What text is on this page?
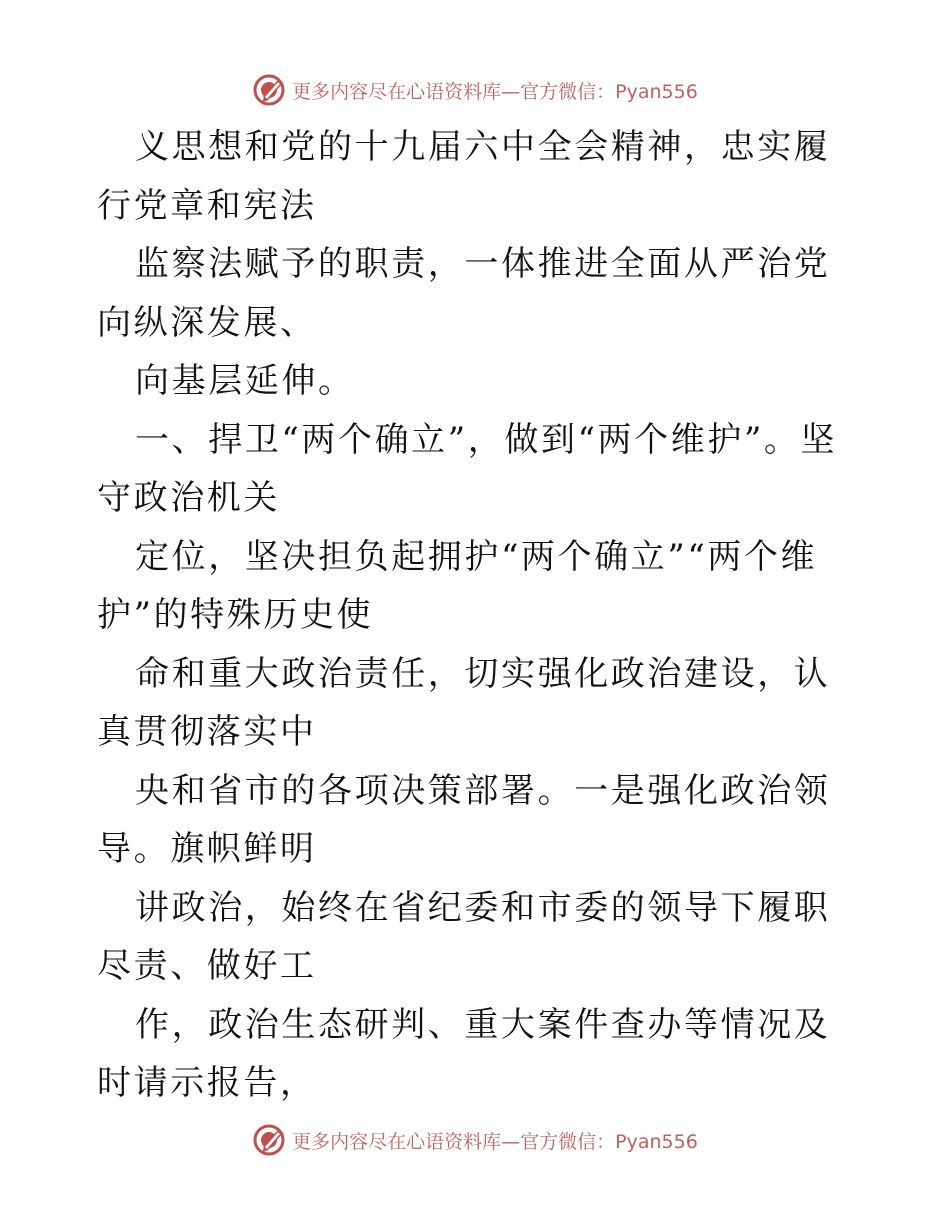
更多内容尽在心语资料库—官方微信：Pyan556

义思想和党的十九届六中全会精神，忠实履行党章和宪法

监察法赋予的职责，一体推进全面从严治党向纵深发展、

向基层延伸。

一、捍卫“两个确立”，做到“两个维护”。坚守政治机关

定位，坚决担负起拥护“两个确立”“两个维护”的特殊历史使

命和重大政治责任，切实强化政治建设，认真贯彻落实中

央和省市的各项决策部署。一是强化政治领导。旗帜鲜明

讲政治，始终在省纪委和市委的领导下履职尽责、做好工

作，政治生态研判、重大案件查办等情况及时请示报告，

更多内容尽在心语资料库—官方微信：Pyan556
